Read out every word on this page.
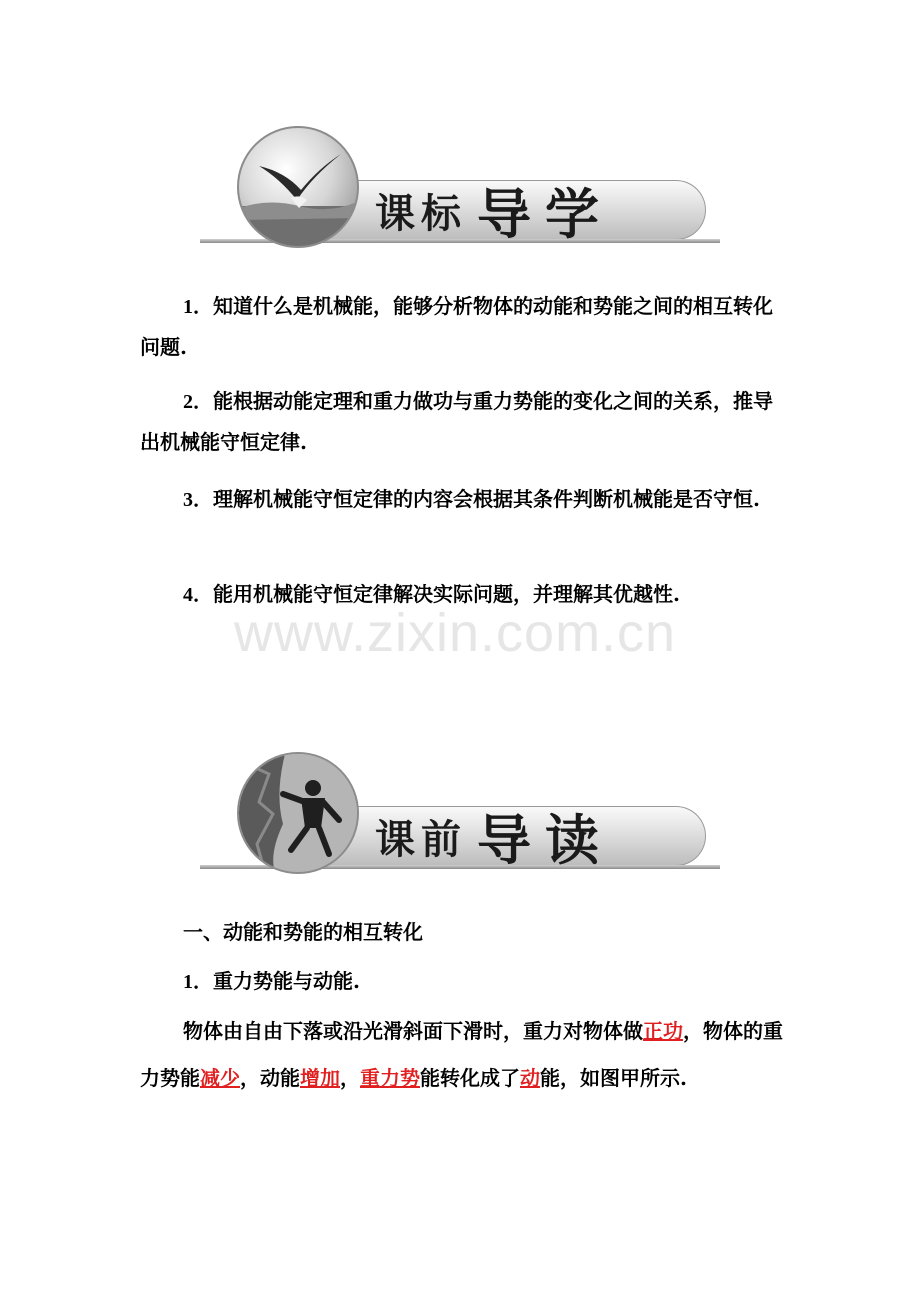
课标 导学
1．知道什么是机械能，能够分析物体的动能和势能之间的相互转化问题.
2．能根据动能定理和重力做功与重力势能的变化之间的关系，推导出机械能守恒定律.
3．理解机械能守恒定律的内容会根据其条件判断机械能是否守恒.
4．能用机械能守恒定律解决实际问题，并理解其优越性.
www.zixin.com.cn
课前 导读
一、动能和势能的相互转化
1．重力势能与动能.
物体由自由下落或沿光滑斜面下滑时，重力对物体做正功，物体的重力势能减少，动能增加，重力势能转化成了动能，如图甲所示.
